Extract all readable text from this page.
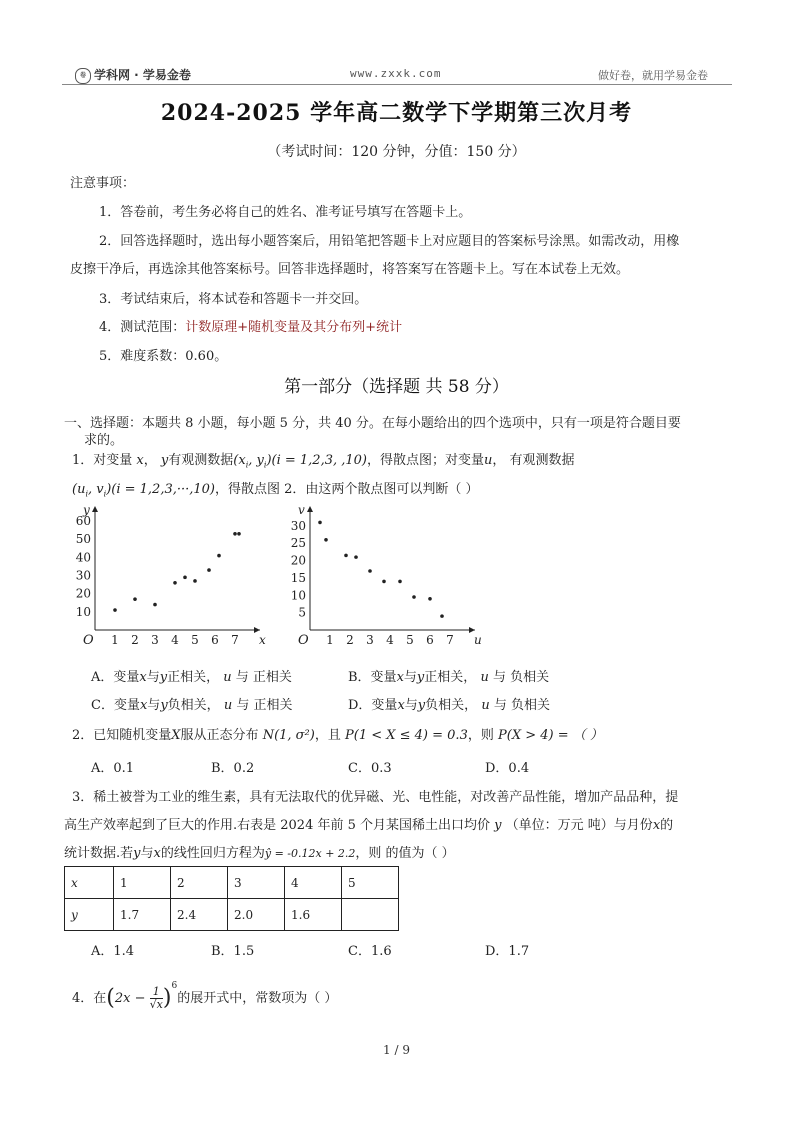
卷 学科网 · 学易金卷	www.zxxk.com	做好卷，就用学易金卷
2024-2025 学年高二数学下学期第三次月考
（考试时间：120 分钟，分值：150 分）
注意事项：
1．答卷前，考生务必将自己的姓名、准考证号填写在答题卡上。
2．回答选择题时，选出每小题答案后，用铅笔把答题卡上对应题目的答案标号涂黑。如需改动，用橡
皮擦干净后，再选涂其他答案标号。回答非选择题时，将答案写在答题卡上。写在本试卷上无效。
3．考试结束后，将本试卷和答题卡一并交回。
4．测试范围：计数原理+随机变量及其分布列+统计
5．难度系数：0.60。
第一部分（选择题 共 58 分）
一、选择题：本题共 8 小题，每小题 5 分，共 40 分。在每小题给出的四个选项中，只有一项是符合题目要
求的。
1．对变量 x， y有观测数据($x_i$, $y_i)(i = 1,2,3$, ,10)，得散点图；对变量u， 有观测数据
($u_i$, $v_i)(i = 1,2,3,\cdot\cdot\cdot,10)$，得散点图 2．由这两个散点图可以判断（ ）
O	x
y
1 2 3 4 5 6 7
10
20
30
40
50
60
O	u
v
1 2 3 4 5 6 7
5
10
15
20
25
30
A．变量x与y正相关， u 与 正相关	B．变量x与y正相关， u 与 负相关
C．变量x与y负相关， u 与 正相关	D．变量x与y负相关， u 与 负相关
2．已知随机变量X服从正态分布 N(1, σ²)，且 P(1 < X ≤ 4) = 0.3，则 P(X > 4) = （ ）
A．0.1	B．0.2	C．0.3	D．0.4
3．稀土被誉为工业的维生素，具有无法取代的优异磁、光、电性能，对改善产品性能，增加产品品种，提
高生产效率起到了巨大的作用.右表是 2024 年前 5 个月某国稀土出口均价 y （单位：万元 吨）与月份x的
统计数据.若y与x的线性回归方程为ŷ = -0.12x + 2.2，则 的值为（ ）
x	1	2	3	4	5
y	1.7	2.4	2.0	1.6	
A．1.4	B．1.5	C．1.6	D．1.7
4．在$(2x - \frac{1}{√x} )^6$的展开式中，常数项为（ ）
1 / 9
